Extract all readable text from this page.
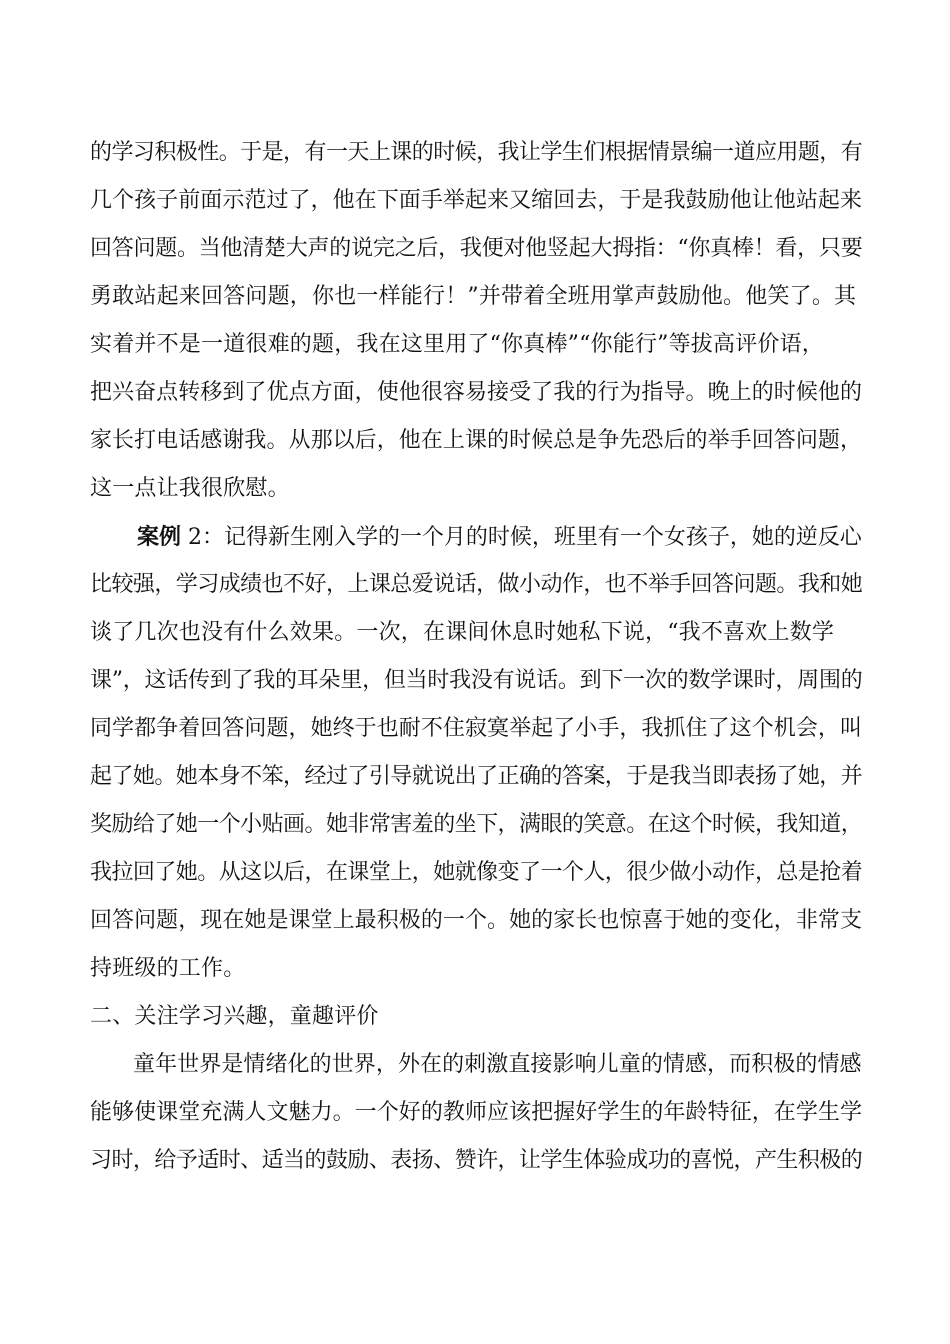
的学习积极性。于是，有一天上课的时候，我让学生们根据情景编一道应用题，有
几个孩子前面示范过了，他在下面手举起来又缩回去，于是我鼓励他让他站起来
回答问题。当他清楚大声的说完之后，我便对他竖起大拇指：“你真棒！看，只要
勇敢站起来回答问题，你也一样能行！”并带着全班用掌声鼓励他。他笑了。其
实着并不是一道很难的题，我在这里用了“你真棒”“你能行”等拔高评价语，
把兴奋点转移到了优点方面，使他很容易接受了我的行为指导。晚上的时候他的
家长打电话感谢我。从那以后，他在上课的时候总是争先恐后的举手回答问题，
这一点让我很欣慰。
案例 2：记得新生刚入学的一个月的时候，班里有一个女孩子，她的逆反心
比较强，学习成绩也不好，上课总爱说话，做小动作，也不举手回答问题。我和她
谈了几次也没有什么效果。一次，在课间休息时她私下说，“我不喜欢上数学
课”，这话传到了我的耳朵里，但当时我没有说话。到下一次的数学课时，周围的
同学都争着回答问题，她终于也耐不住寂寞举起了小手，我抓住了这个机会，叫
起了她。她本身不笨，经过了引导就说出了正确的答案，于是我当即表扬了她，并
奖励给了她一个小贴画。她非常害羞的坐下，满眼的笑意。在这个时候，我知道，
我拉回了她。从这以后，在课堂上，她就像变了一个人，很少做小动作，总是抢着
回答问题，现在她是课堂上最积极的一个。她的家长也惊喜于她的变化，非常支
持班级的工作。
二、关注学习兴趣，童趣评价
童年世界是情绪化的世界，外在的刺激直接影响儿童的情感，而积极的情感
能够使课堂充满人文魅力。一个好的教师应该把握好学生的年龄特征，在学生学
习时，给予适时、适当的鼓励、表扬、赞许，让学生体验成功的喜悦，产生积极的
